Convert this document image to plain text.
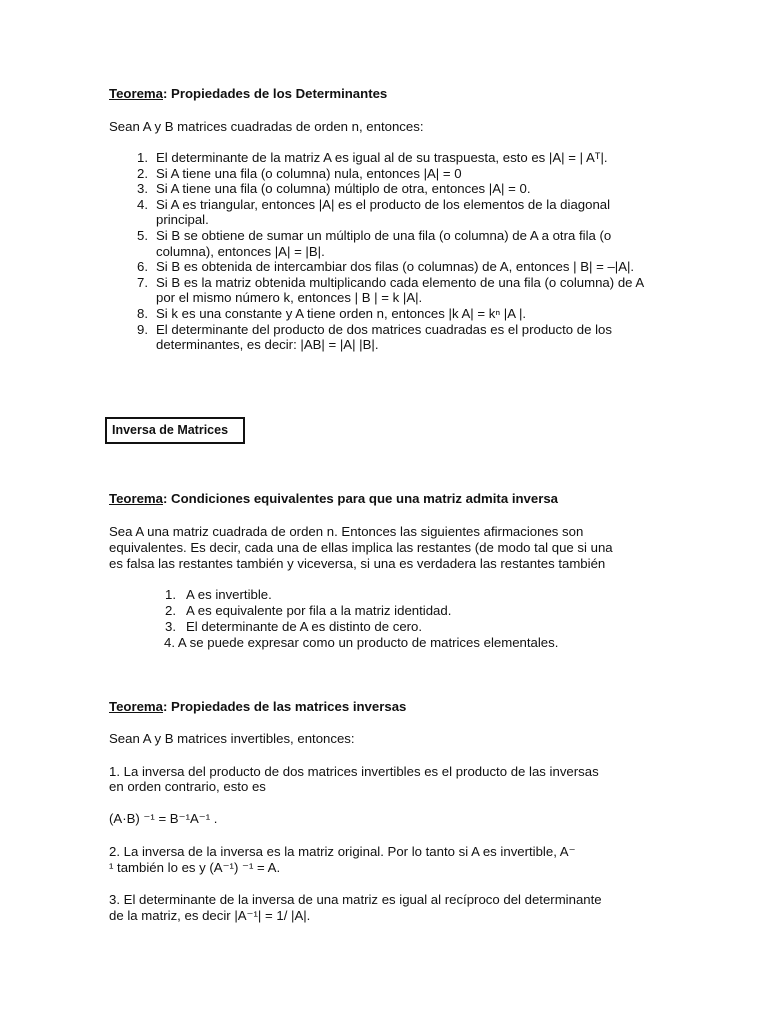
Teorema: Propiedades de los Determinantes
Sean A y B matrices cuadradas de orden n, entonces:
1. El determinante de la matriz A es igual al de su traspuesta, esto es |A| = | Aᵀ|.
2. Si A tiene una fila (o columna) nula, entonces |A| = 0
3. Si A tiene una fila (o columna) múltiplo de otra, entonces |A| = 0.
4. Si A es triangular, entonces |A| es el producto de los elementos de la diagonal principal.
5. Si B se obtiene de sumar un múltiplo de una fila (o columna) de A a otra fila (o columna), entonces |A| = |B|.
6. Si B es obtenida de intercambiar dos filas (o columnas) de A, entonces | B| = –|A|.
7. Si B es la matriz obtenida multiplicando cada elemento de una fila (o columna) de A por el mismo número k, entonces | B | = k |A|.
8. Si k es una constante y A tiene orden n, entonces |k A| = kⁿ |A |.
9. El determinante del producto de dos matrices cuadradas es el producto de los determinantes, es decir: |AB| = |A| |B|.
Inversa de Matrices
Teorema: Condiciones equivalentes para que una matriz admita inversa
Sea A una matriz cuadrada de orden n. Entonces las siguientes afirmaciones son
equivalentes. Es decir, cada una de ellas implica las restantes (de modo tal que si una
es falsa las restantes también y viceversa, si una es verdadera las restantes también
1. A es invertible.
2. A es equivalente por fila a la matriz identidad.
3. El determinante de A es distinto de cero.
4. A se puede expresar como un producto de matrices elementales.
Teorema: Propiedades de las matrices inversas
Sean A y B matrices invertibles, entonces:
1. La inversa del producto de dos matrices invertibles es el producto de las inversas
en orden contrario, esto es
(A·B) ⁻¹ = B⁻¹A⁻¹ .
2. La inversa de la inversa es la matriz original. Por lo tanto si A es invertible, A⁻
¹ también lo es y (A⁻¹) ⁻¹ = A.
3. El determinante de la inversa de una matriz es igual al recíproco del determinante
de la matriz, es decir |A⁻¹| = 1/ |A|.
